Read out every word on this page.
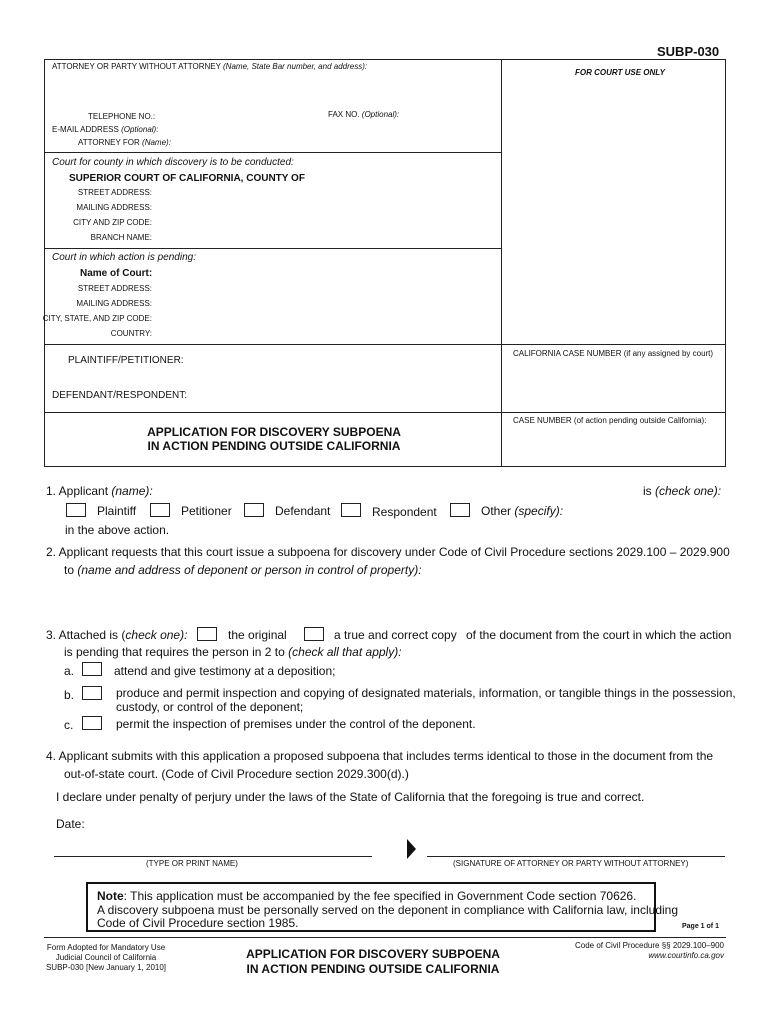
SUBP-030
ATTORNEY OR PARTY WITHOUT ATTORNEY (Name, State Bar number, and address):
FOR COURT USE ONLY
TELEPHONE NO.:	FAX NO. (Optional):
E-MAIL ADDRESS (Optional):
ATTORNEY FOR (Name):
Court for county in which discovery is to be conducted:
SUPERIOR COURT OF CALIFORNIA, COUNTY OF
STREET ADDRESS:
MAILING ADDRESS:
CITY AND ZIP CODE:
BRANCH NAME:
Court in which action is pending:
Name of Court:
STREET ADDRESS:
MAILING ADDRESS:
CITY, STATE, AND ZIP CODE:
COUNTRY:
PLAINTIFF/PETITIONER:
CALIFORNIA CASE NUMBER (if any assigned by court)
DEFENDANT/RESPONDENT:
CASE NUMBER (of action pending outside California):
APPLICATION FOR DISCOVERY SUBPOENA
IN ACTION PENDING OUTSIDE CALIFORNIA
1. Applicant (name):	is (check one):
Plaintiff	Petitioner	Defendant	Respondent	Other (specify):
in the above action.
2. Applicant requests that this court issue a subpoena for discovery under Code of Civil Procedure sections 2029.100 – 2029.900
to (name and address of deponent or person in control of property):
3. Attached is (check one):	the original	a true and correct copy of the document from the court in which the action
is pending that requires the person in 2 to (check all that apply):
a.	attend and give testimony at a deposition;
b.	produce and permit inspection and copying of designated materials, information, or tangible things in the possession,
custody, or control of the deponent;
c.	permit the inspection of premises under the control of the deponent.
4. Applicant submits with this application a proposed subpoena that includes terms identical to those in the document from the
out-of-state court. (Code of Civil Procedure section 2029.300(d).)
I declare under penalty of perjury under the laws of the State of California that the foregoing is true and correct.
Date:
(TYPE OR PRINT NAME)	(SIGNATURE OF ATTORNEY OR PARTY WITHOUT ATTORNEY)
Note: This application must be accompanied by the fee specified in Government Code section 70626.
A discovery subpoena must be personally served on the deponent in compliance with California law, including
Code of Civil Procedure section 1985.	Page 1 of 1
Form Adopted for Mandatory Use
Judicial Council of California
SUBP-030 [New January 1, 2010]
APPLICATION FOR DISCOVERY SUBPOENA
IN ACTION PENDING OUTSIDE CALIFORNIA
Code of Civil Procedure §§ 2029.100–900
www.courtinfo.ca.gov
